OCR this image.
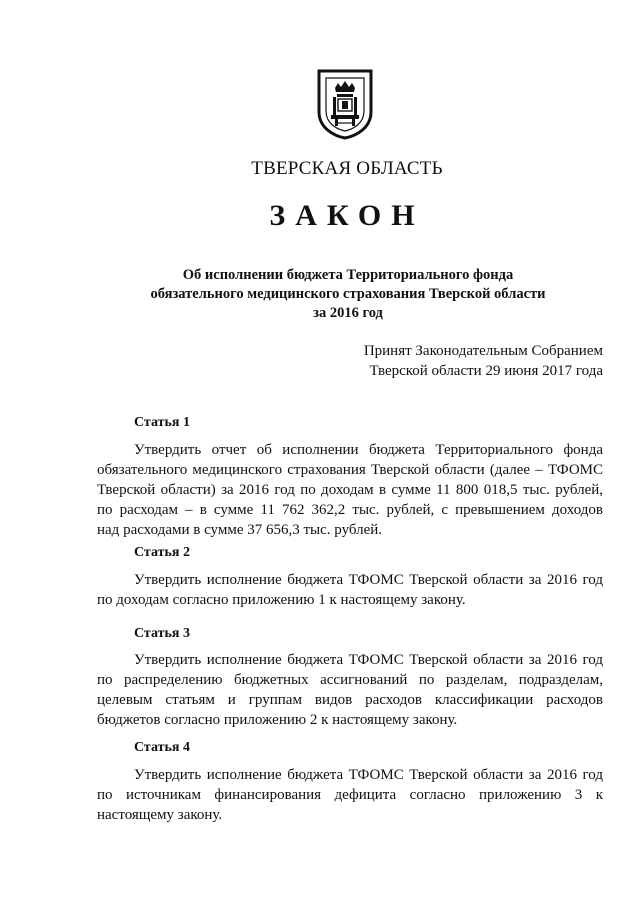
ТВЕРСКАЯ ОБЛАСТЬ
ЗАКОН
Об исполнении бюджета Территориального фонда
обязательного медицинского страхования Тверской области
за 2016 год
Принят Законодательным Собранием
Тверской области 29 июня 2017 года
Статья 1
Утвердить отчет об исполнении бюджета Территориального фонда
обязательного медицинского страхования Тверской области (далее – ТФОМС
Тверской области) за 2016 год по доходам в сумме 11 800 018,5 тыс. рублей,
по расходам – в сумме 11 762 362,2 тыс. рублей, с превышением доходов
над расходами в сумме 37 656,3 тыс. рублей.
Статья 2
Утвердить исполнение бюджета ТФОМС Тверской области за 2016 год
по доходам согласно приложению 1 к настоящему закону.
Статья 3
Утвердить исполнение бюджета ТФОМС Тверской области за 2016 год
по распределению бюджетных ассигнований по разделам, подразделам,
целевым статьям и группам видов расходов классификации расходов
бюджетов согласно приложению 2 к настоящему закону.
Статья 4
Утвердить исполнение бюджета ТФОМС Тверской области за 2016 год
по источникам финансирования дефицита согласно приложению 3 к
настоящему закону.
